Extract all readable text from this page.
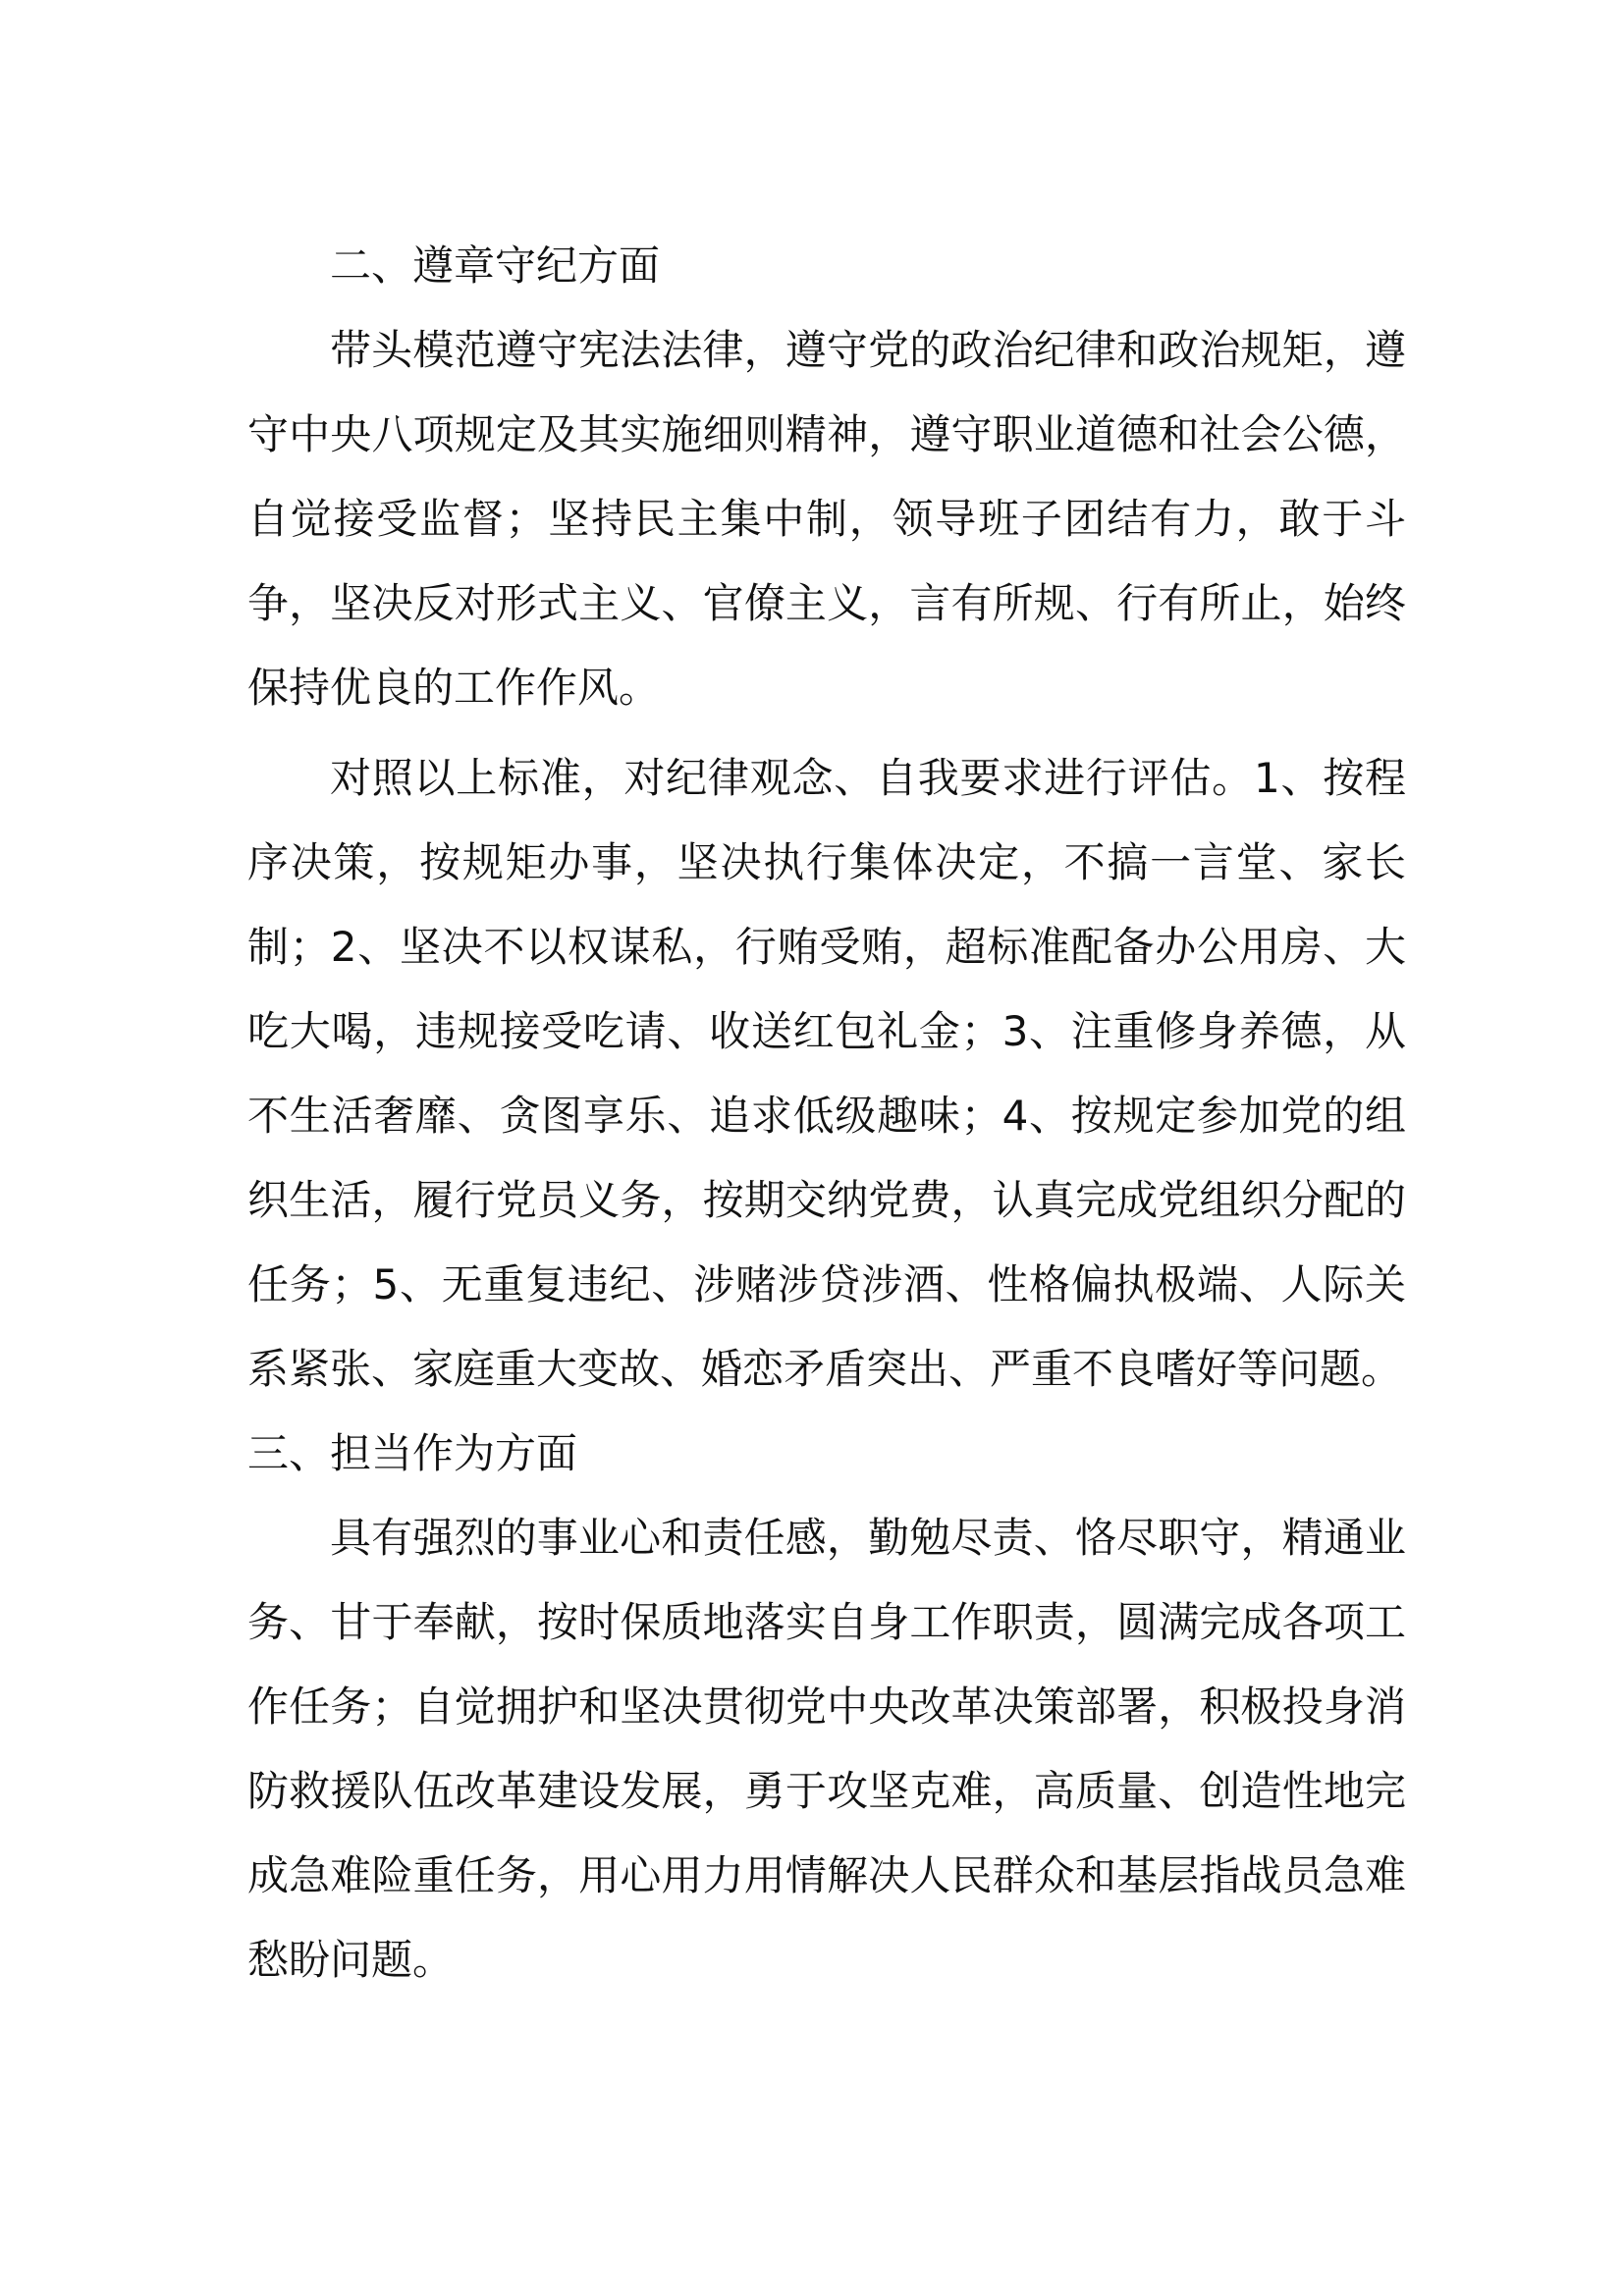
二、遵章守纪方面

带头模范遵守宪法法律，遵守党的政治纪律和政治规矩，遵守中央八项规定及其实施细则精神，遵守职业道德和社会公德，自觉接受监督；坚持民主集中制，领导班子团结有力，敢于斗争，坚决反对形式主义、官僚主义，言有所规、行有所止，始终保持优良的工作作风。

对照以上标准，对纪律观念、自我要求进行评估。1、按程序决策，按规矩办事，坚决执行集体决定，不搞一言堂、家长制；2、坚决不以权谋私，行贿受贿，超标准配备办公用房、大吃大喝，违规接受吃请、收送红包礼金；3、注重修身养德，从不生活奢靡、贪图享乐、追求低级趣味；4、按规定参加党的组织生活，履行党员义务，按期交纳党费，认真完成党组织分配的任务；5、无重复违纪、涉赌涉贷涉酒、性格偏执极端、人际关系紧张、家庭重大变故、婚恋矛盾突出、严重不良嗜好等问题。

三、担当作为方面

具有强烈的事业心和责任感，勤勉尽责、恪尽职守，精通业务、甘于奉献，按时保质地落实自身工作职责，圆满完成各项工作任务；自觉拥护和坚决贯彻党中央改革决策部署，积极投身消防救援队伍改革建设发展，勇于攻坚克难，高质量、创造性地完成急难险重任务，用心用力用情解决人民群众和基层指战员急难愁盼问题。
